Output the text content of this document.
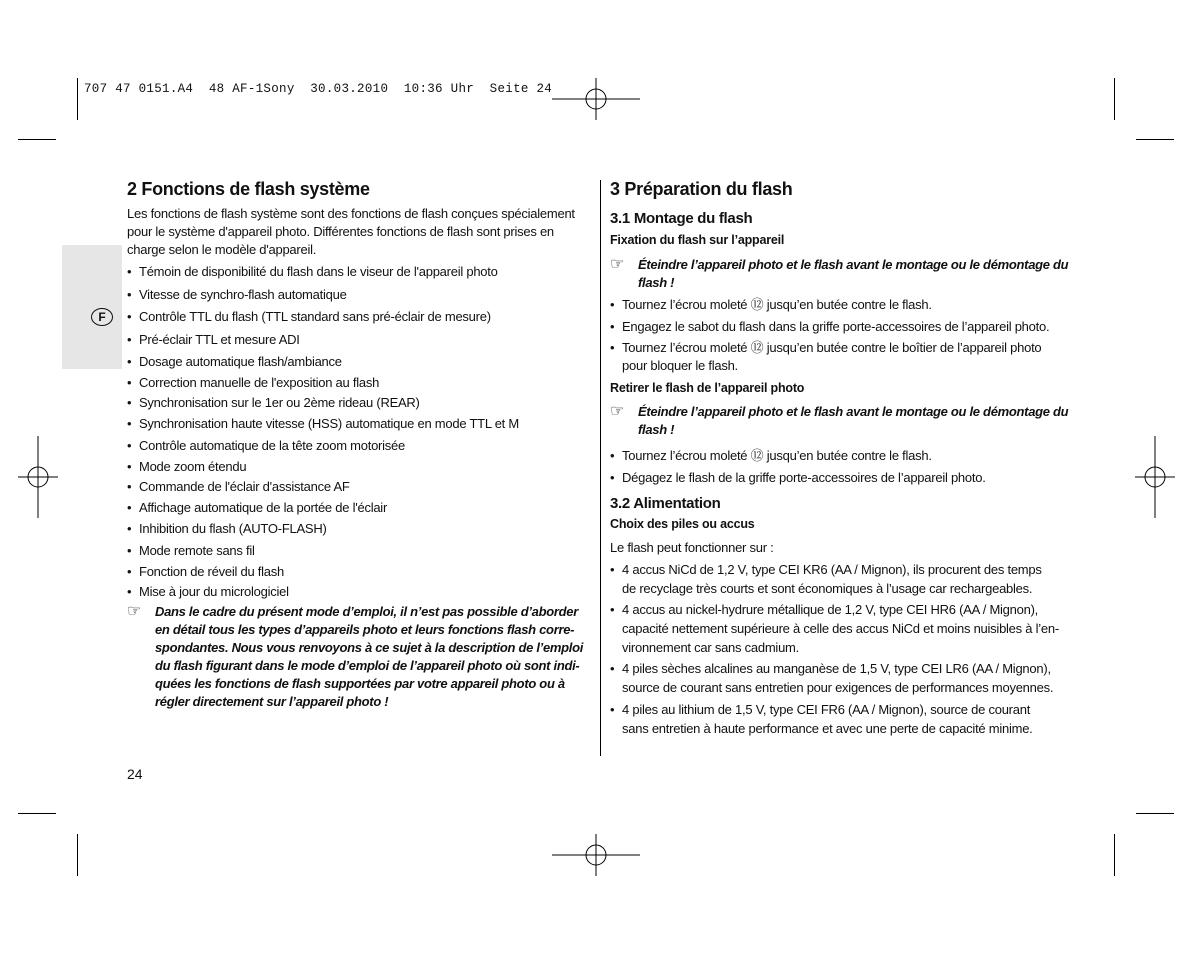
707 47 0151.A4  48 AF-1Sony  30.03.2010  10:36 Uhr  Seite 24
F
2 Fonctions de flash système
Les fonctions de flash système sont des fonctions de flash conçues spécialement
pour le système d'appareil photo. Différentes fonctions de flash sont prises en
charge selon le modèle d'appareil.
• Témoin de disponibilité du flash dans le viseur de l'appareil photo
• Vitesse de synchro-flash automatique
• Contrôle TTL du flash (TTL standard sans pré-éclair de mesure)
• Pré-éclair TTL et mesure ADI
• Dosage automatique flash/ambiance
• Correction manuelle de l'exposition au flash
• Synchronisation sur le 1er ou 2ème rideau (REAR)
• Synchronisation haute vitesse (HSS) automatique en mode TTL et M
• Contrôle automatique de la tête zoom motorisée
• Mode zoom étendu
• Commande de l'éclair d'assistance AF
• Affichage automatique de la portée de l'éclair
• Inhibition du flash (AUTO-FLASH)
• Mode remote sans fil
• Fonction de réveil du flash
• Mise à jour du micrologiciel
☞ Dans le cadre du présent mode d’emploi, il n’est pas possible d’aborder
en détail tous les types d’appareils photo et leurs fonctions flash corre-
spondantes. Nous vous renvoyons à ce sujet à la description de l’emploi
du flash figurant dans le mode d’emploi de l’appareil photo où sont indi-
quées les fonctions de flash supportées par votre appareil photo ou à
régler directement sur l’appareil photo !
24
3 Préparation du flash
3.1 Montage du flash
Fixation du flash sur l’appareil
☞ Éteindre l’appareil photo et le flash avant le montage ou le démontage du
flash !
• Tournez l’écrou moleté ⑫ jusqu’en butée contre le flash.
• Engagez le sabot du flash dans la griffe porte-accessoires de l’appareil photo.
• Tournez l’écrou moleté ⑫ jusqu’en butée contre le boîtier de l’appareil photo
pour bloquer le flash.
Retirer le flash de l’appareil photo
☞ Éteindre l’appareil photo et le flash avant le montage ou le démontage du
flash !
• Tournez l’écrou moleté ⑫ jusqu’en butée contre le flash.
• Dégagez le flash de la griffe porte-accessoires de l’appareil photo.
3.2 Alimentation
Choix des piles ou accus
Le flash peut fonctionner sur :
• 4 accus NiCd de 1,2 V, type CEI KR6 (AA / Mignon), ils procurent des temps
de recyclage très courts et sont économiques à l’usage car rechargeables.
• 4 accus au nickel-hydrure métallique de 1,2 V, type CEI HR6 (AA / Mignon),
capacité nettement supérieure à celle des accus NiCd et moins nuisibles à l’en-
vironnement car sans cadmium.
• 4 piles sèches alcalines au manganèse de 1,5 V, type CEI LR6 (AA / Mignon),
source de courant sans entretien pour exigences de performances moyennes.
• 4 piles au lithium de 1,5 V, type CEI FR6 (AA / Mignon), source de courant
sans entretien à haute performance et avec une perte de capacité minime.
